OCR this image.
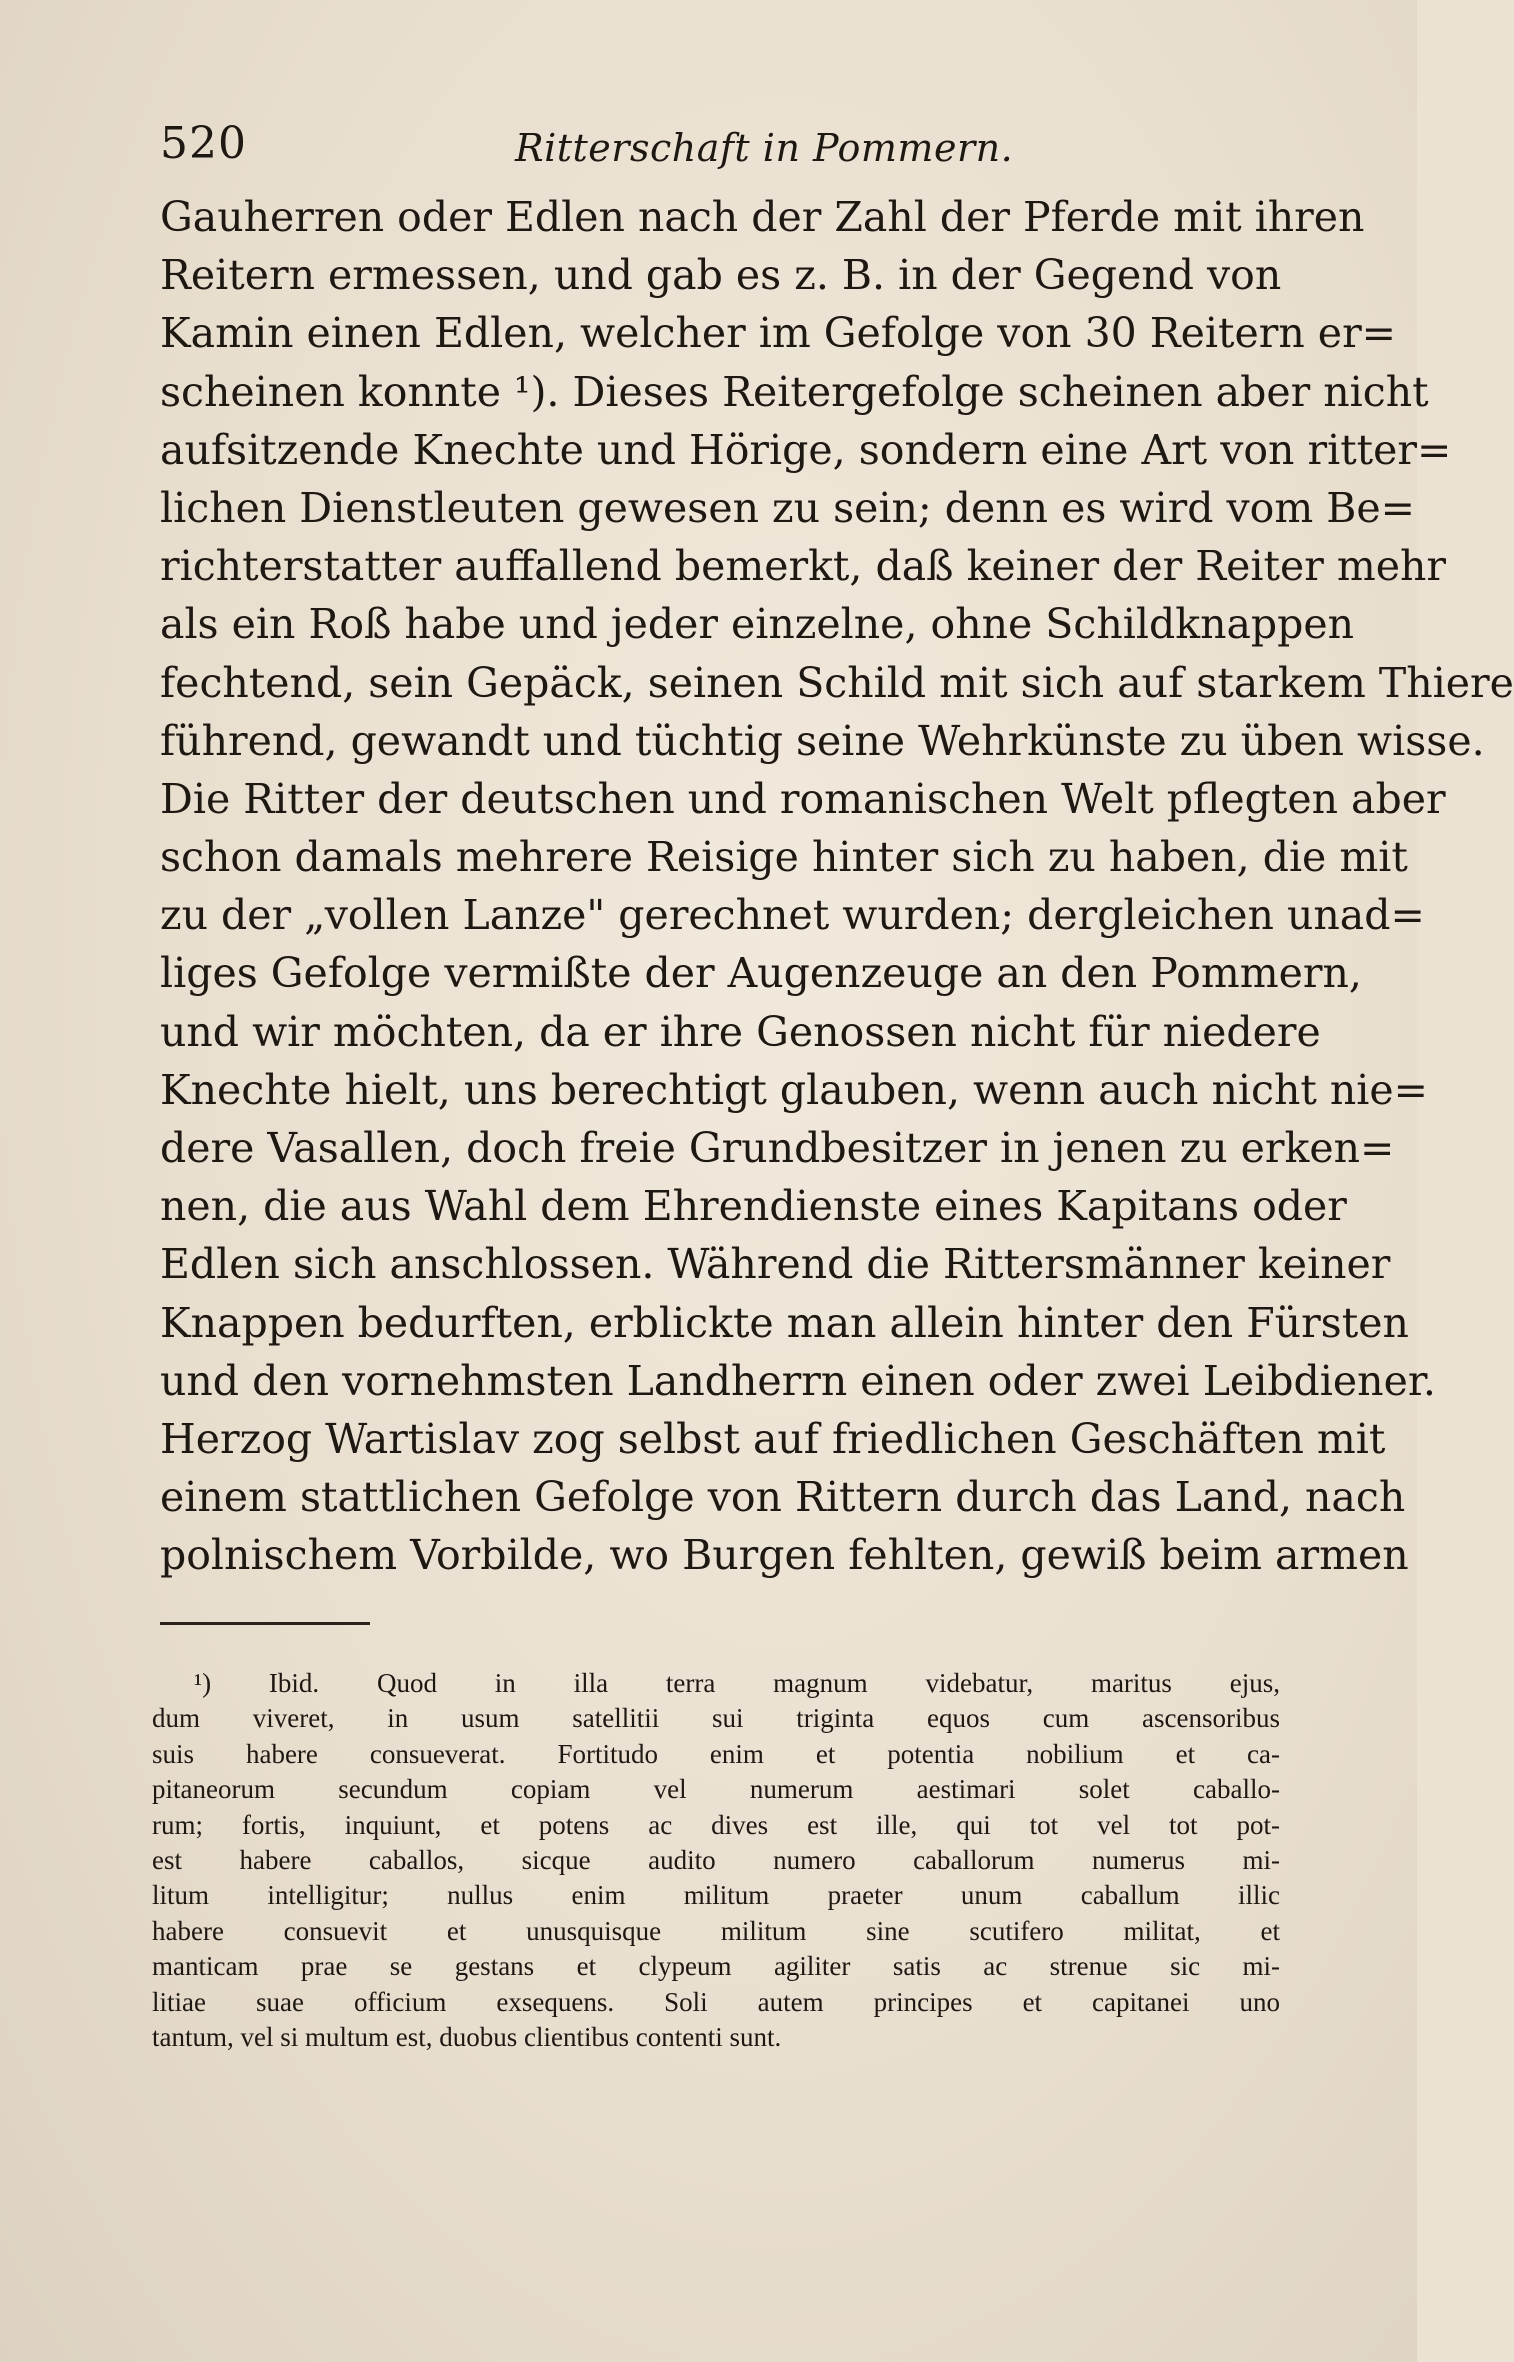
520	Ritterschaft in Pommern.
Gauherren oder Edlen nach der Zahl der Pferde mit ihren
Reitern ermessen, und gab es z. B. in der Gegend von
Kamin einen Edlen, welcher im Gefolge von 30 Reitern er=
scheinen konnte ¹). Dieses Reitergefolge scheinen aber nicht
aufsitzende Knechte und Hörige, sondern eine Art von ritter=
lichen Dienstleuten gewesen zu sein; denn es wird vom Be=
richterstatter auffallend bemerkt, daß keiner der Reiter mehr
als ein Roß habe und jeder einzelne, ohne Schildknappen
fechtend, sein Gepäck, seinen Schild mit sich auf starkem Thiere
führend, gewandt und tüchtig seine Wehrkünste zu üben wisse.
Die Ritter der deutschen und romanischen Welt pflegten aber
schon damals mehrere Reisige hinter sich zu haben, die mit
zu der „vollen Lanze" gerechnet wurden; dergleichen unad=
liges Gefolge vermißte der Augenzeuge an den Pommern,
und wir möchten, da er ihre Genossen nicht für niedere
Knechte hielt, uns berechtigt glauben, wenn auch nicht nie=
dere Vasallen, doch freie Grundbesitzer in jenen zu erken=
nen, die aus Wahl dem Ehrendienste eines Kapitans oder
Edlen sich anschlossen. Während die Rittersmänner keiner
Knappen bedurften, erblickte man allein hinter den Fürsten
und den vornehmsten Landherrn einen oder zwei Leibdiener.
Herzog Wartislav zog selbst auf friedlichen Geschäften mit
einem stattlichen Gefolge von Rittern durch das Land, nach
polnischem Vorbilde, wo Burgen fehlten, gewiß beim armen
¹) Ibid. Quod in illa terra magnum videbatur, maritus ejus,
dum viveret, in usum satellitii sui triginta equos cum ascensoribus
suis habere consueverat. Fortitudo enim et potentia nobilium et ca-
pitaneorum secundum copiam vel numerum aestimari solet caballo-
rum; fortis, inquiunt, et potens ac dives est ille, qui tot vel tot pot-
est habere caballos, sicque audito numero caballorum numerus mi-
litum intelligitur; nullus enim militum praeter unum caballum illic
habere consuevit et unusquisque militum sine scutifero militat, et
manticam prae se gestans et clypeum agiliter satis ac strenue sic mi-
litiae suae officium exsequens. Soli autem principes et capitanei uno
tantum, vel si multum est, duobus clientibus contenti sunt.
